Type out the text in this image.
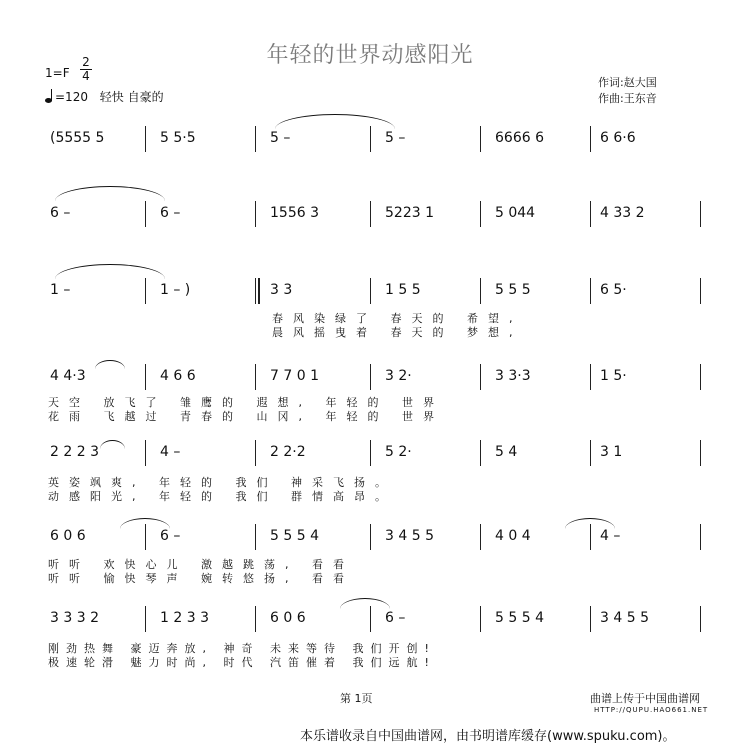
年轻的世界动感阳光
1=F
2
4
=120 轻快 自豪的
作词:赵大国
作曲:王东音
(5555 5	5 5·5	5 –	5 –	6666 6	6 6·6
6 –	6 –	1556 3	5223 1	5 044	4 33 2
1 –	1 – )	3 3	1 5 5	5 5 5	6 5·
4 4·3	4 6 6	7 7 0 1	3 2·	3 3·3	1 5·
2 2 2 3	4 –	2 2·2	5 2·	5 4	3 1
6 0 6	6 –	5 5 5 4	3 4 5 5	4 0 4	4 –
3 3 3 2	1 2 3 3	6 0 6	6 –	5 5 5 4	3 4 5 5
春风染绿了 春天的 希望,
晨风摇曳着 春天的 梦想,
天空 放飞了 雏鹰的 遐想, 年轻的 世界
花雨 飞越过 青春的 山冈, 年轻的 世界
英姿飒爽, 年轻的 我们 神采飞扬。
动感阳光, 年轻的 我们 群情高昂。
听听 欢快心儿 激越跳荡, 看看
听听 愉快琴声 婉转悠扬, 看看
刚劲热舞 豪迈奔放, 神奇 未来等待 我们开创!
极速轮滑 魅力时尚, 时代 汽笛催着 我们远航!
第 1页	曲谱上传于中国曲谱网
HTTP://QUPU.HAO661.NET
本乐谱收录自中国曲谱网，由书明谱库缓存(www.spuku.com)。
